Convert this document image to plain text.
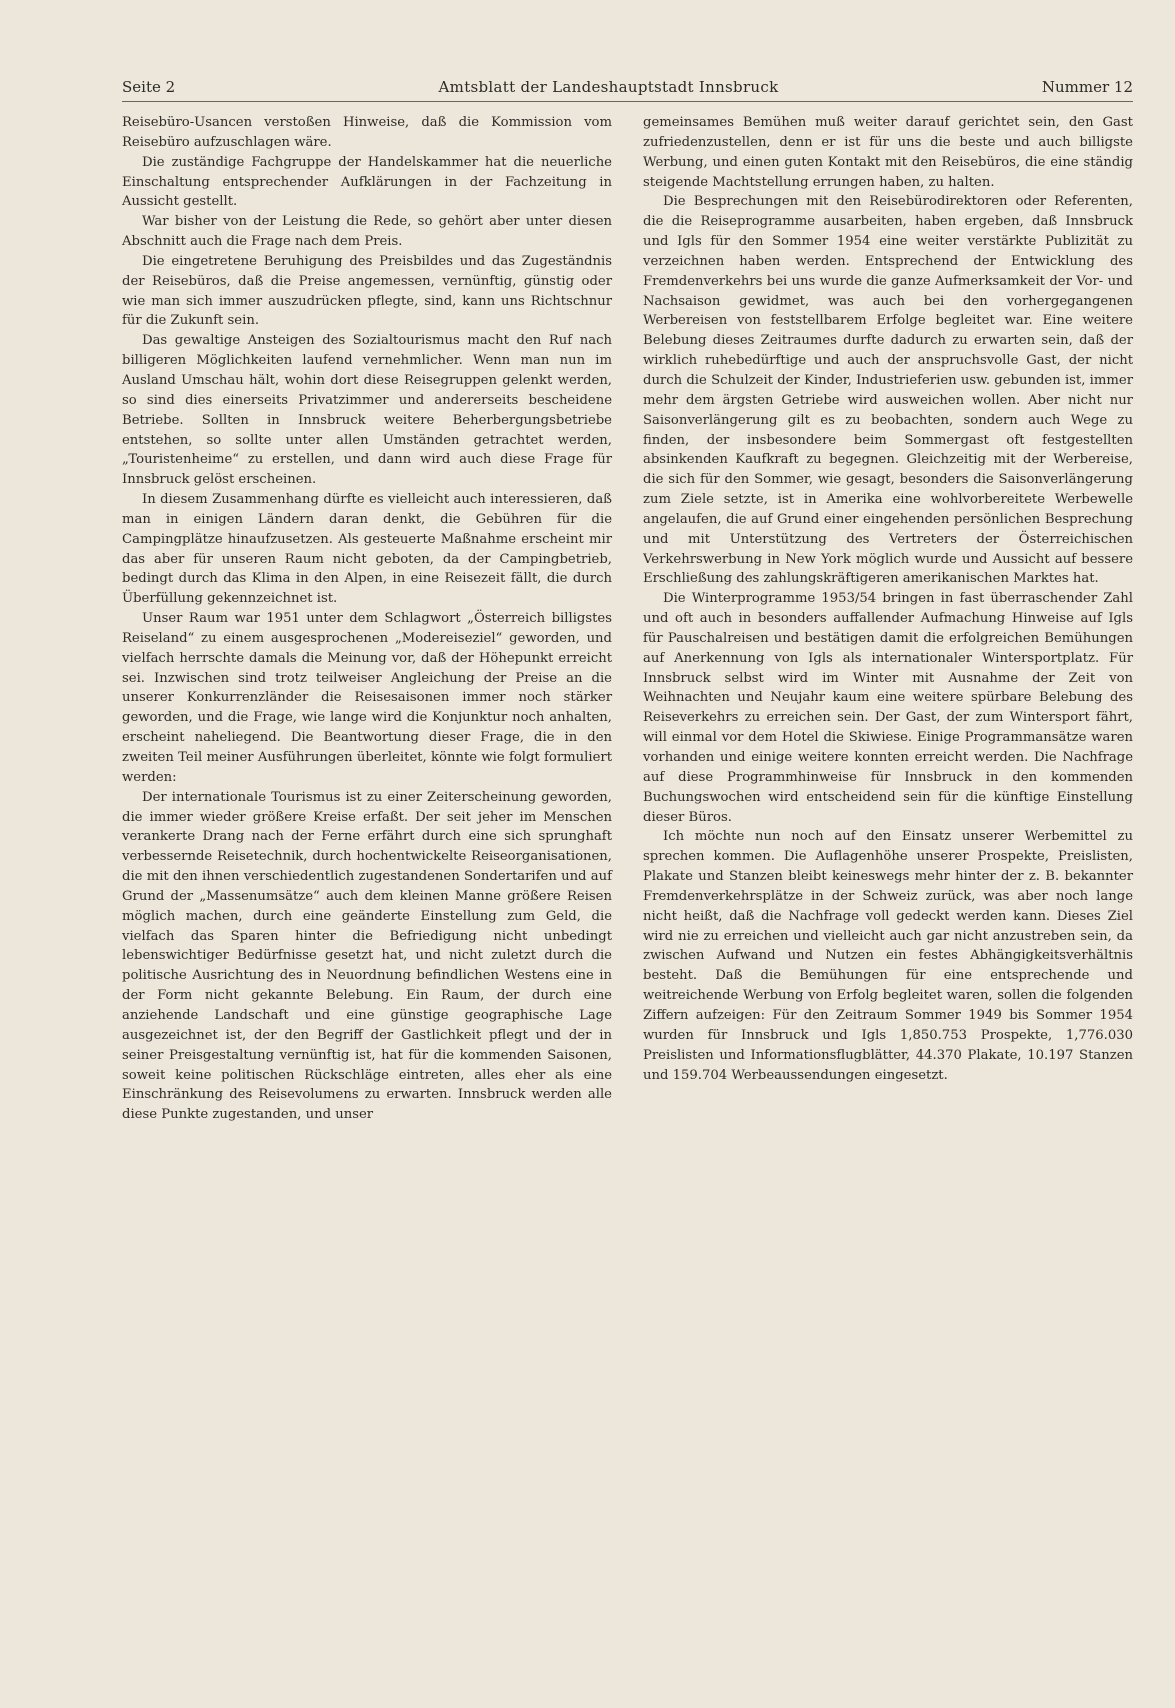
Seite 2	Amtsblatt der Landeshauptstadt Innsbruck	Nummer 12

Reisebüro-Usancen verstoßen Hinweise, daß die Kommission vom Reisebüro aufzuschlagen wäre.

Die zuständige Fachgruppe der Handelskammer hat die neuerliche Einschaltung entsprechender Aufklärungen in der Fachzeitung in Aussicht gestellt.

War bisher von der Leistung die Rede, so gehört aber unter diesen Abschnitt auch die Frage nach dem Preis.

Die eingetretene Beruhigung des Preisbildes und das Zugeständnis der Reisebüros, daß die Preise angemessen, vernünftig, günstig oder wie man sich immer auszudrücken pflegte, sind, kann uns Richtschnur für die Zukunft sein.

Das gewaltige Ansteigen des Sozialtourismus macht den Ruf nach billigeren Möglichkeiten laufend vernehmlicher. Wenn man nun im Ausland Umschau hält, wohin dort diese Reisegruppen gelenkt werden, so sind dies einerseits Privatzimmer und andererseits bescheidene Betriebe. Sollten in Innsbruck weitere Beherbergungsbetriebe entstehen, so sollte unter allen Umständen getrachtet werden, „Touristenheime“ zu erstellen, und dann wird auch diese Frage für Innsbruck gelöst erscheinen.

In diesem Zusammenhang dürfte es vielleicht auch interessieren, daß man in einigen Ländern daran denkt, die Gebühren für die Campingplätze hinaufzusetzen. Als gesteuerte Maßnahme erscheint mir das aber für unseren Raum nicht geboten, da der Campingbetrieb, bedingt durch das Klima in den Alpen, in eine Reisezeit fällt, die durch Überfüllung gekennzeichnet ist.

Unser Raum war 1951 unter dem Schlagwort „Österreich billigstes Reiseland“ zu einem ausgesprochenen „Modereiseziel“ geworden, und vielfach herrschte damals die Meinung vor, daß der Höhepunkt erreicht sei. Inzwischen sind trotz teilweiser Angleichung der Preise an die unserer Konkurrenzländer die Reisesaisonen immer noch stärker geworden, und die Frage, wie lange wird die Konjunktur noch anhalten, erscheint naheliegend. Die Beantwortung dieser Frage, die in den zweiten Teil meiner Ausführungen überleitet, könnte wie folgt formuliert werden:

Der internationale Tourismus ist zu einer Zeiterscheinung geworden, die immer wieder größere Kreise erfaßt. Der seit jeher im Menschen verankerte Drang nach der Ferne erfährt durch eine sich sprunghaft verbessernde Reisetechnik, durch hochentwickelte Reiseorganisationen, die mit den ihnen verschiedentlich zugestandenen Sondertarifen und auf Grund der „Massenumsätze“ auch dem kleinen Manne größere Reisen möglich machen, durch eine geänderte Einstellung zum Geld, die vielfach das Sparen hinter die Befriedigung nicht unbedingt lebenswichtiger Bedürfnisse gesetzt hat, und nicht zuletzt durch die politische Ausrichtung des in Neuordnung befindlichen Westens eine in der Form nicht gekannte Belebung. Ein Raum, der durch eine anziehende Landschaft und eine günstige geographische Lage ausgezeichnet ist, der den Begriff der Gastlichkeit pflegt und der in seiner Preisgestaltung vernünftig ist, hat für die kommenden Saisonen, soweit keine politischen Rückschläge eintreten, alles eher als eine Einschränkung des Reisevolumens zu erwarten. Innsbruck werden alle diese Punkte zugestanden, und unser

gemeinsames Bemühen muß weiter darauf gerichtet sein, den Gast zufriedenzustellen, denn er ist für uns die beste und auch billigste Werbung, und einen guten Kontakt mit den Reisebüros, die eine ständig steigende Machtstellung errungen haben, zu halten.

Die Besprechungen mit den Reisebürodirektoren oder Referenten, die die Reiseprogramme ausarbeiten, haben ergeben, daß Innsbruck und Igls für den Sommer 1954 eine weiter verstärkte Publizität zu verzeichnen haben werden. Entsprechend der Entwicklung des Fremdenverkehrs bei uns wurde die ganze Aufmerksamkeit der Vor- und Nachsaison gewidmet, was auch bei den vorhergegangenen Werbereisen von feststellbarem Erfolge begleitet war. Eine weitere Belebung dieses Zeitraumes durfte dadurch zu erwarten sein, daß der wirklich ruhebedürftige und auch der anspruchsvolle Gast, der nicht durch die Schulzeit der Kinder, Industrieferien usw. gebunden ist, immer mehr dem ärgsten Getriebe wird ausweichen wollen. Aber nicht nur Saisonverlängerung gilt es zu beobachten, sondern auch Wege zu finden, der insbesondere beim Sommergast oft festgestellten absinkenden Kaufkraft zu begegnen. Gleichzeitig mit der Werbereise, die sich für den Sommer, wie gesagt, besonders die Saisonverlängerung zum Ziele setzte, ist in Amerika eine wohlvorbereitete Werbewelle angelaufen, die auf Grund einer eingehenden persönlichen Besprechung und mit Unterstützung des Vertreters der Österreichischen Verkehrswerbung in New York möglich wurde und Aussicht auf bessere Erschließung des zahlungskräftigeren amerikanischen Marktes hat.

Die Winterprogramme 1953/54 bringen in fast überraschender Zahl und oft auch in besonders auffallender Aufmachung Hinweise auf Igls für Pauschalreisen und bestätigen damit die erfolgreichen Bemühungen auf Anerkennung von Igls als internationaler Wintersportplatz. Für Innsbruck selbst wird im Winter mit Ausnahme der Zeit von Weihnachten und Neujahr kaum eine weitere spürbare Belebung des Reiseverkehrs zu erreichen sein. Der Gast, der zum Wintersport fährt, will einmal vor dem Hotel die Skiwiese. Einige Programmansätze waren vorhanden und einige weitere konnten erreicht werden. Die Nachfrage auf diese Programmhinweise für Innsbruck in den kommenden Buchungswochen wird entscheidend sein für die künftige Einstellung dieser Büros.

Ich möchte nun noch auf den Einsatz unserer Werbemittel zu sprechen kommen. Die Auflagenhöhe unserer Prospekte, Preislisten, Plakate und Stanzen bleibt keineswegs mehr hinter der z. B. bekannter Fremdenverkehrsplätze in der Schweiz zurück, was aber noch lange nicht heißt, daß die Nachfrage voll gedeckt werden kann. Dieses Ziel wird nie zu erreichen und vielleicht auch gar nicht anzustreben sein, da zwischen Aufwand und Nutzen ein festes Abhängigkeitsverhältnis besteht. Daß die Bemühungen für eine entsprechende und weitreichende Werbung von Erfolg begleitet waren, sollen die folgenden Ziffern aufzeigen: Für den Zeitraum Sommer 1949 bis Sommer 1954 wurden für Innsbruck und Igls 1,850.753 Prospekte, 1,776.030 Preislisten und Informationsflugblätter, 44.370 Plakate, 10.197 Stanzen und 159.704 Werbeaussendungen eingesetzt.
